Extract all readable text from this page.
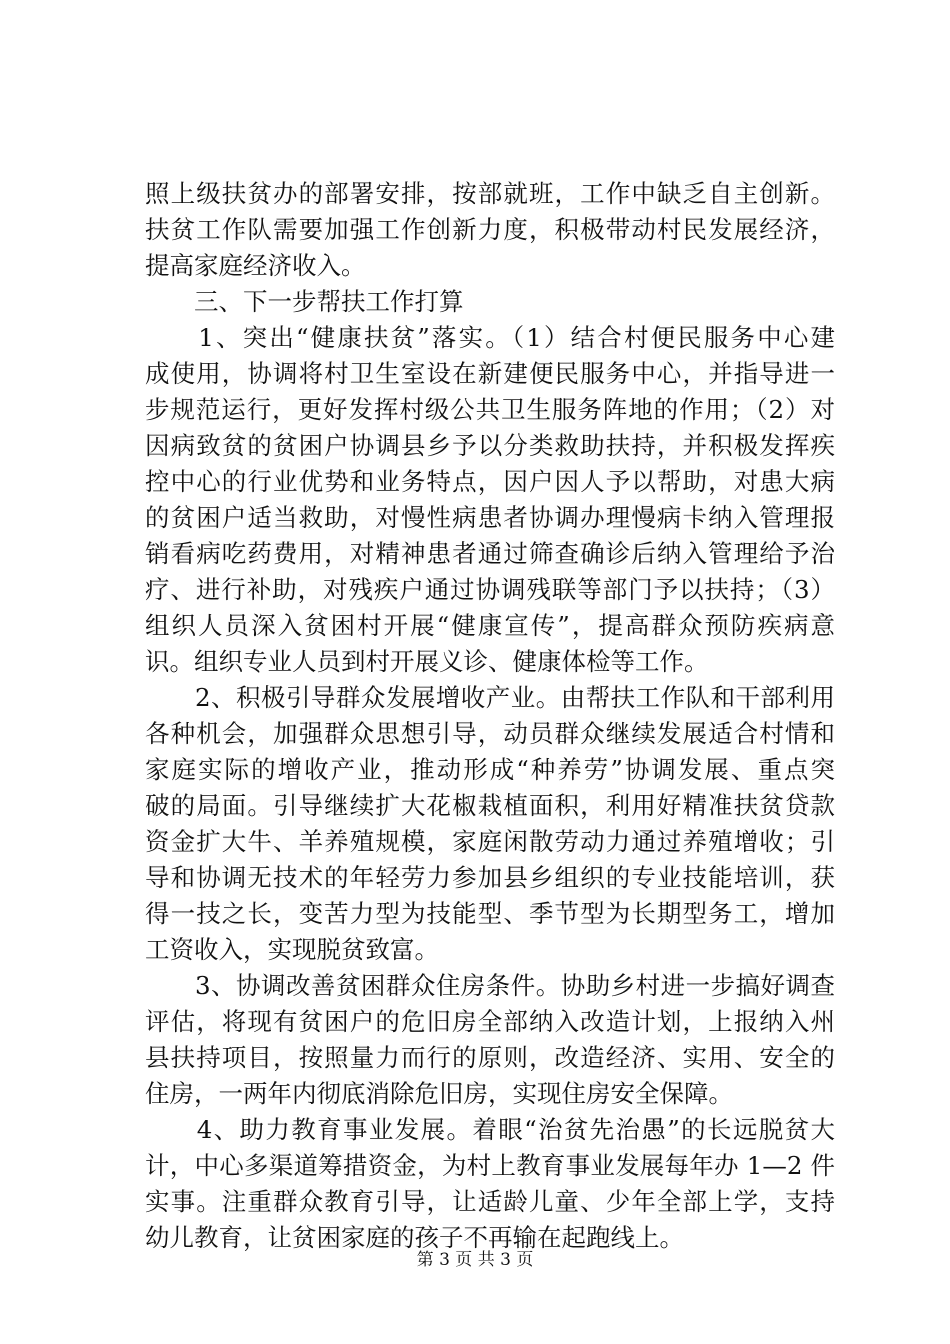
照上级扶贫办的部署安排，按部就班，工作中缺乏自主创新。
扶贫工作队需要加强工作创新力度，积极带动村民发展经济，
提高家庭经济收入。
　　三、下一步帮扶工作打算
　　1、突出“健康扶贫”落实。（1）结合村便民服务中心建
成使用，协调将村卫生室设在新建便民服务中心，并指导进一
步规范运行，更好发挥村级公共卫生服务阵地的作用；（2）对
因病致贫的贫困户协调县乡予以分类救助扶持，并积极发挥疾
控中心的行业优势和业务特点，因户因人予以帮助，对患大病
的贫困户适当救助，对慢性病患者协调办理慢病卡纳入管理报
销看病吃药费用，对精神患者通过筛查确诊后纳入管理给予治
疗、进行补助，对残疾户通过协调残联等部门予以扶持；（3）
组织人员深入贫困村开展“健康宣传”，提高群众预防疾病意
识。组织专业人员到村开展义诊、健康体检等工作。
　　2、积极引导群众发展增收产业。由帮扶工作队和干部利用
各种机会，加强群众思想引导，动员群众继续发展适合村情和
家庭实际的增收产业，推动形成“种养劳”协调发展、重点突
破的局面。引导继续扩大花椒栽植面积，利用好精准扶贫贷款
资金扩大牛、羊养殖规模，家庭闲散劳动力通过养殖增收；引
导和协调无技术的年轻劳力参加县乡组织的专业技能培训，获
得一技之长，变苦力型为技能型、季节型为长期型务工，增加
工资收入，实现脱贫致富。
　　3、协调改善贫困群众住房条件。协助乡村进一步搞好调查
评估，将现有贫困户的危旧房全部纳入改造计划，上报纳入州
县扶持项目，按照量力而行的原则，改造经济、实用、安全的
住房，一两年内彻底消除危旧房，实现住房安全保障。
　　4、助力教育事业发展。着眼“治贫先治愚”的长远脱贫大
计，中心多渠道筹措资金，为村上教育事业发展每年办 1—2 件
实事。注重群众教育引导，让适龄儿童、少年全部上学，支持
幼儿教育，让贫困家庭的孩子不再输在起跑线上。
第 3 页 共 3 页
